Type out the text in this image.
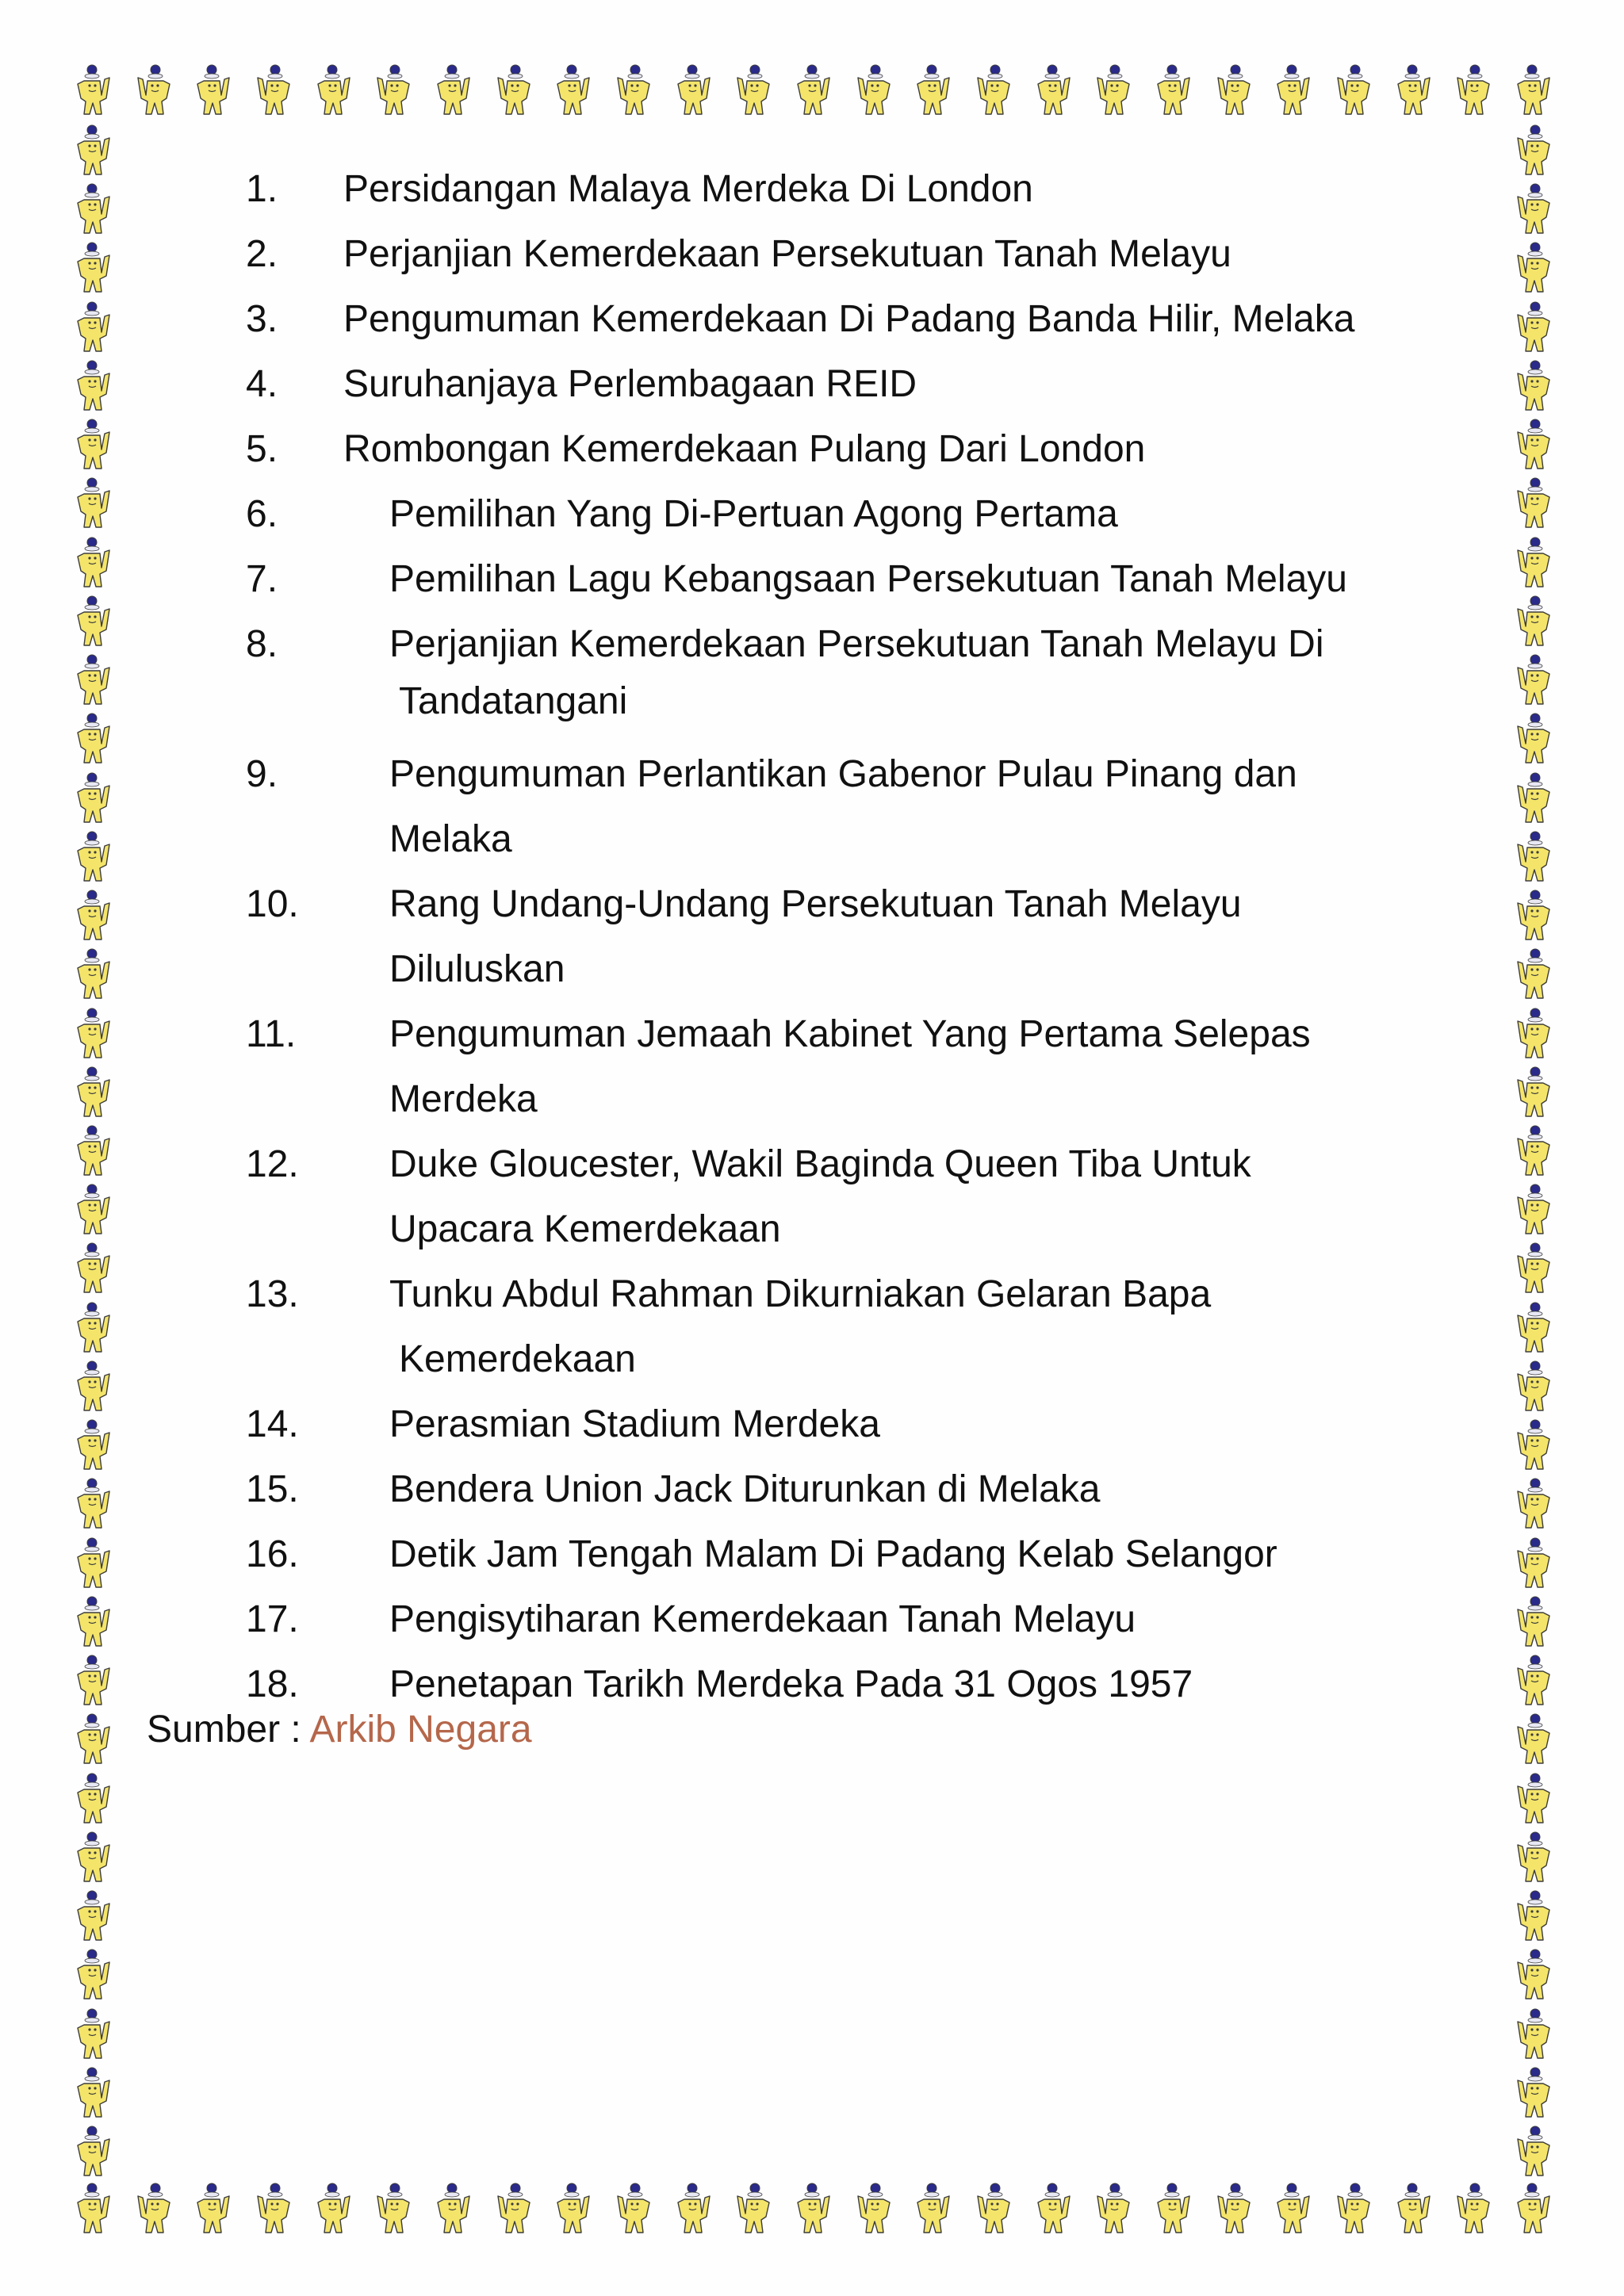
1. Persidangan Malaya Merdeka Di London
2. Perjanjian Kemerdekaan Persekutuan Tanah Melayu
3. Pengumuman Kemerdekaan Di Padang Banda Hilir, Melaka
4. Suruhanjaya Perlembagaan REID
5. Rombongan Kemerdekaan Pulang Dari London
6.	Pemilihan Yang Di-Pertuan Agong Pertama
7.	Pemilihan Lagu Kebangsaan Persekutuan Tanah Melayu
8.	Perjanjian Kemerdekaan Persekutuan Tanah Melayu Di
Tandatangani
9.	Pengumuman Perlantikan Gabenor Pulau Pinang dan
Melaka
10. Rang Undang-Undang Persekutuan Tanah Melayu
Diluluskan
11. Pengumuman Jemaah Kabinet Yang Pertama Selepas
Merdeka
12. Duke Gloucester, Wakil Baginda Queen Tiba Untuk
Upacara Kemerdekaan
13. Tunku Abdul Rahman Dikurniakan Gelaran Bapa
Kemerdekaan
14. Perasmian Stadium Merdeka
15. Bendera Union Jack Diturunkan di Melaka
16. Detik Jam Tengah Malam Di Padang Kelab Selangor
17. Pengisytiharan Kemerdekaan Tanah Melayu
18. Penetapan Tarikh Merdeka Pada 31 Ogos 1957
Sumber : Arkib Negara
